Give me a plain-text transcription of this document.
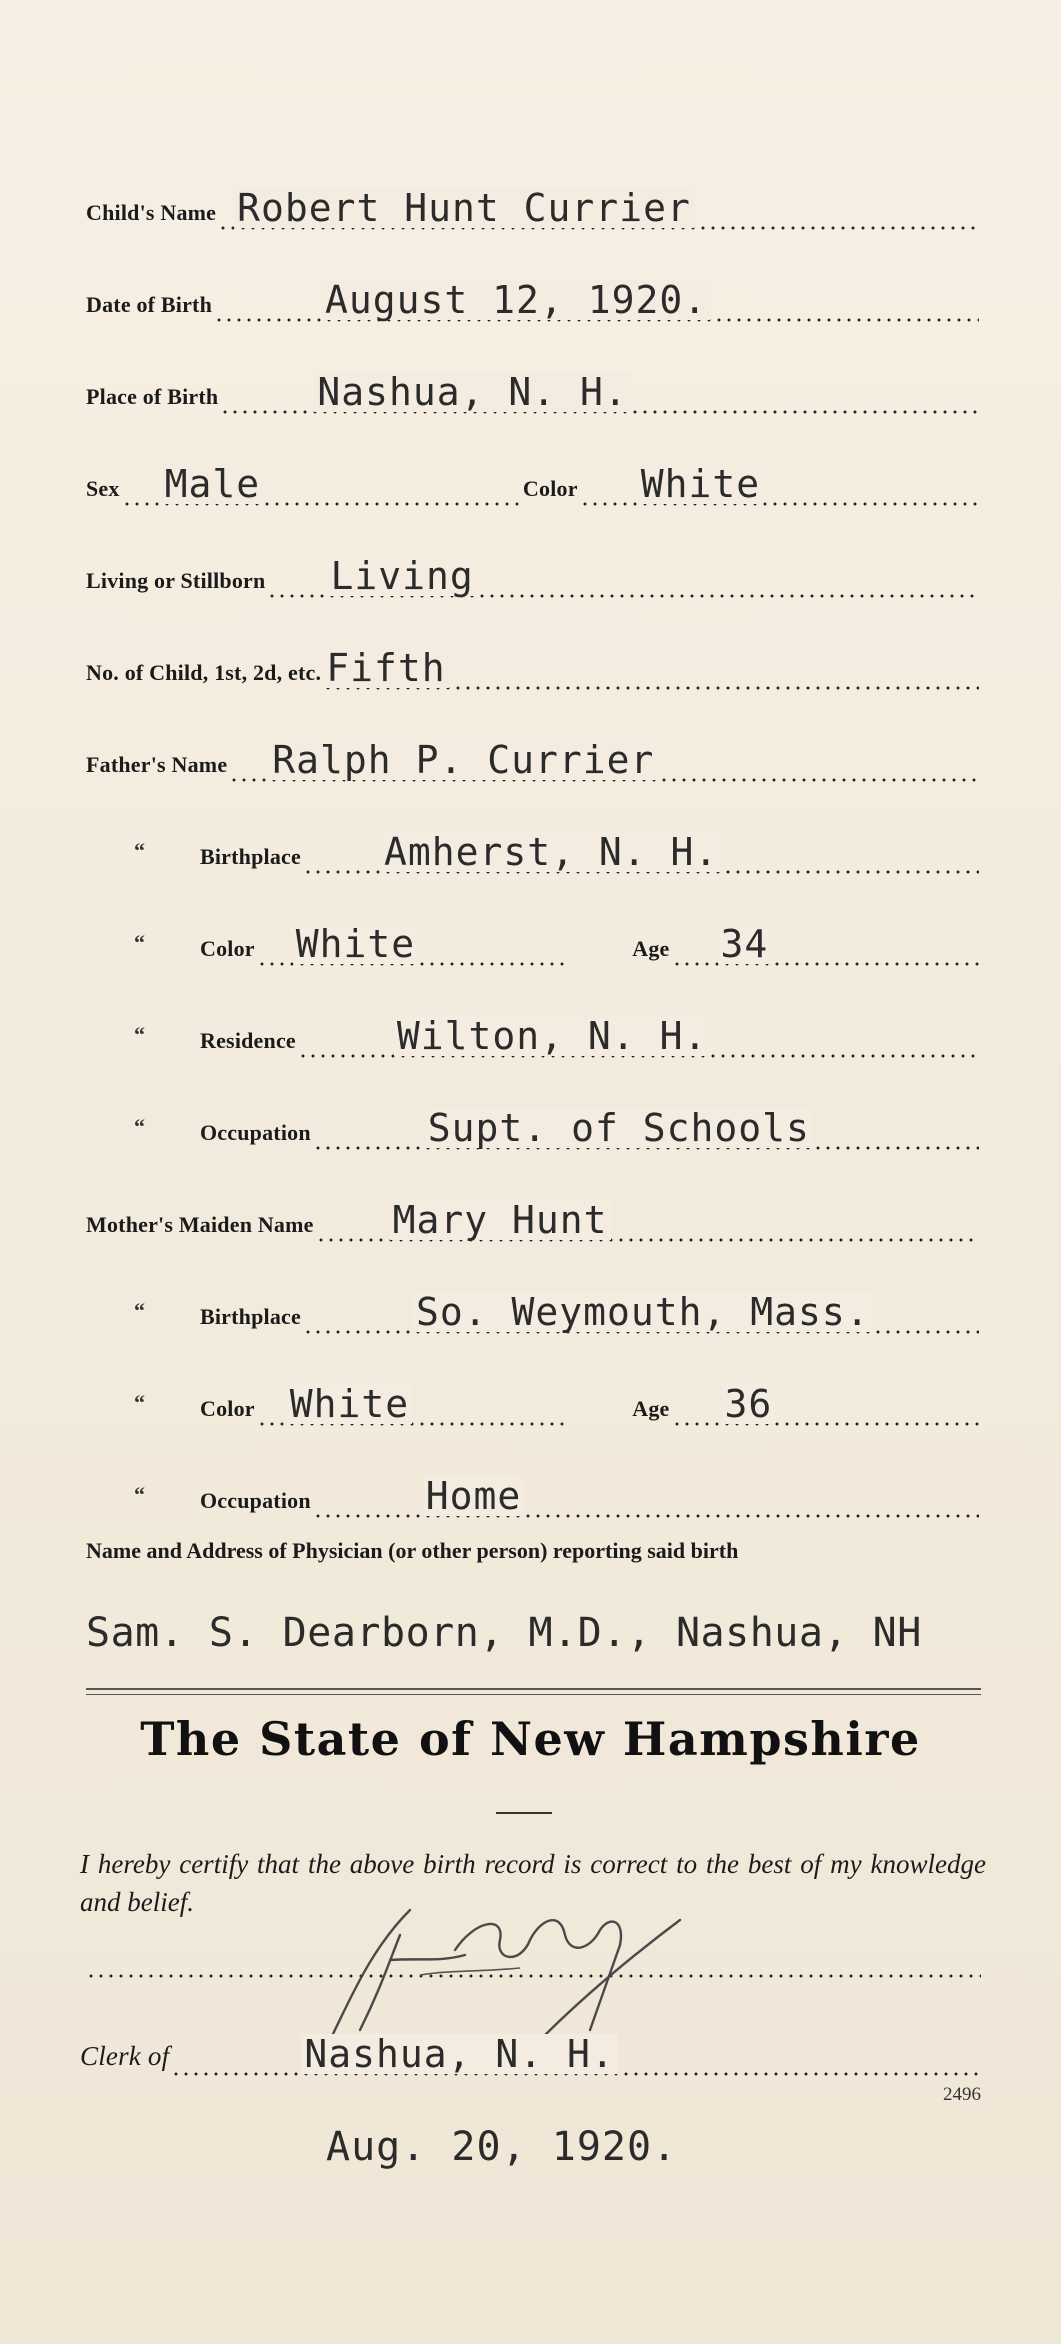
Child's Name Robert Hunt Currier
Date of Birth	August 12, 1920.
Place of Birth	Nashua, N. H.
Sex Male	Color White
Living or Stillborn Living
No. of Child, 1st, 2d, etc. Fifth
Father's Name Ralph P. Currier
“	Birthplace Amherst, N. H.
“	Color White	Age 34
“	Residence	Wilton, N. H.
“	Occupation	Supt. of Schools
Mother's Maiden Name Mary Hunt
“	Birthplace	So. Weymouth, Mass.
“	Color White	Age 36
“	Occupation	Home
Name and Address of Physician (or other person) reporting said birth
Sam. S. Dearborn, M.D., Nashua, NH
The State of New Hampshire
I hereby certify that the above birth record is correct to the best of my knowledge and belief.
Clerk of	Nashua, N. H.
2496
Aug. 20, 1920.
